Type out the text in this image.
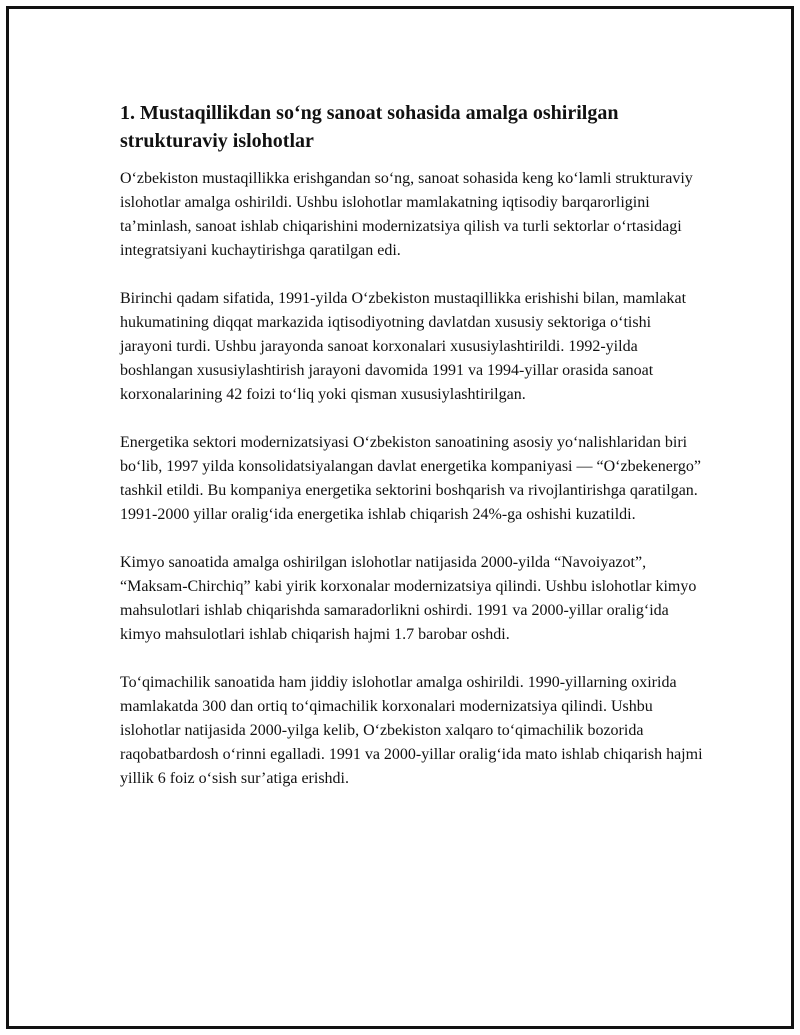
1. Mustaqillikdan so‘ng sanoat sohasida amalga oshirilgan strukturaviy islohotlar

O‘zbekiston mustaqillikka erishgandan so‘ng, sanoat sohasida keng ko‘lamli strukturaviy islohotlar amalga oshirildi. Ushbu islohotlar mamlakatning iqtisodiy barqarorligini ta’minlash, sanoat ishlab chiqarishini modernizatsiya qilish va turli sektorlar o‘rtasidagi integratsiyani kuchaytirishga qaratilgan edi.

Birinchi qadam sifatida, 1991-yilda O‘zbekiston mustaqillikka erishishi bilan, mamlakat hukumatining diqqat markazida iqtisodiyotning davlatdan xususiy sektoriga o‘tishi jarayoni turdi. Ushbu jarayonda sanoat korxonalari xususiylashtirildi. 1992-yilda boshlangan xususiylashtirish jarayoni davomida 1991 va 1994-yillar orasida sanoat korxonalarining 42 foizi to‘liq yoki qisman xususiylashtirilgan.

Energetika sektori modernizatsiyasi O‘zbekiston sanoatining asosiy yo‘nalishlaridan biri bo‘lib, 1997 yilda konsolidatsiyalangan davlat energetika kompaniyasi — “O‘zbekenergo” tashkil etildi. Bu kompaniya energetika sektorini boshqarish va rivojlantirishga qaratilgan. 1991-2000 yillar oralig‘ida energetika ishlab chiqarish 24%-ga oshishi kuzatildi.

Kimyo sanoatida amalga oshirilgan islohotlar natijasida 2000-yilda “Navoiyazot”, “Maksam-Chirchiq” kabi yirik korxonalar modernizatsiya qilindi. Ushbu islohotlar kimyo mahsulotlari ishlab chiqarishda samaradorlikni oshirdi. 1991 va 2000-yillar oralig‘ida kimyo mahsulotlari ishlab chiqarish hajmi 1.7 barobar oshdi.

To‘qimachilik sanoatida ham jiddiy islohotlar amalga oshirildi. 1990-yillarning oxirida mamlakatda 300 dan ortiq to‘qimachilik korxonalari modernizatsiya qilindi. Ushbu islohotlar natijasida 2000-yilga kelib, O‘zbekiston xalqaro to‘qimachilik bozorida raqobatbardosh o‘rinni egalladi. 1991 va 2000-yillar oralig‘ida mato ishlab chiqarish hajmi yillik 6 foiz o‘sish sur’atiga erishdi.
